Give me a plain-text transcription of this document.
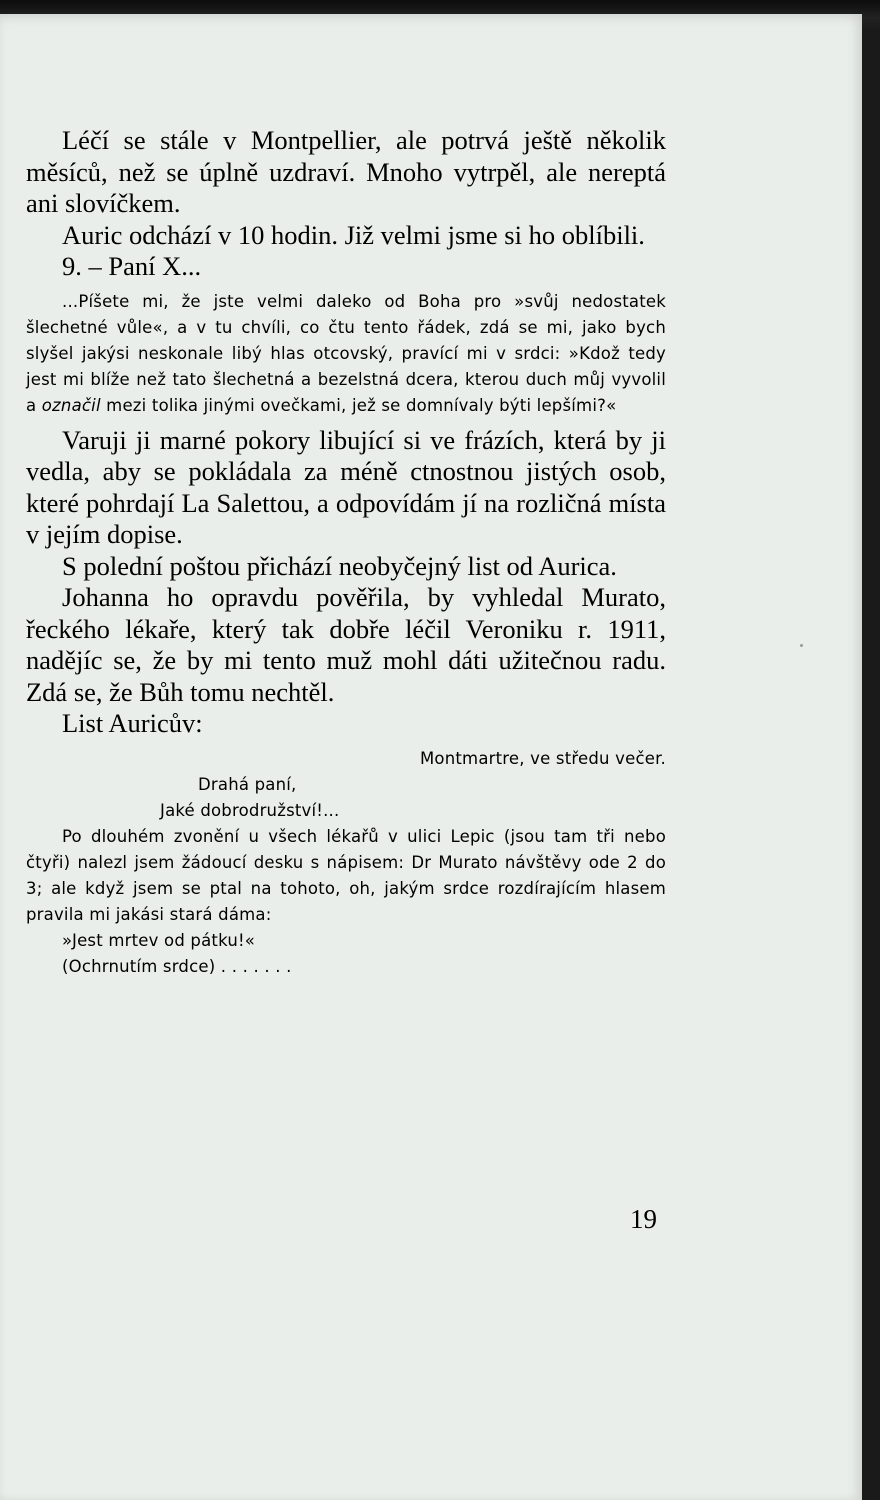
Léčí se stále v Montpellier, ale potrvá ještě několik měsíců, než se úplně uzdraví. Mnoho vytrpěl, ale nereptá ani slovíčkem.

Auric odchází v 10 hodin. Již velmi jsme si ho oblíbili.

9. – Paní X...

...Píšete mi, že jste velmi daleko od Boha pro »svůj nedostatek šlechetné vůle«, a v tu chvíli, co čtu tento řádek, zdá se mi, jako bych slyšel jakýsi neskonale libý hlas otcovský, pravící mi v srdci: »Kdož tedy jest mi blíže než tato šlechetná a bezelstná dcera, kterou duch můj vyvolil a označil mezi tolika jinými ovečkami, jež se domnívaly býti lepšími?«

Varuji ji marné pokory libující si ve frázích, která by ji vedla, aby se pokládala za méně ctnostnou jistých osob, které pohrdají La Salettou, a odpovídám jí na rozličná místa v jejím dopise.

S polední poštou přichází neobyčejný list od Aurica.

Johanna ho opravdu pověřila, by vyhledal Murato, řeckého lékaře, který tak dobře léčil Veroniku r. 1911, nadějíc se, že by mi tento muž mohl dáti užitečnou radu. Zdá se, že Bůh tomu nechtěl.

List Auricův:

Montmartre, ve středu večer.

Drahá paní,

Jaké dobrodružství!...

Po dlouhém zvonění u všech lékařů v ulici Lepic (jsou tam tři nebo čtyři) nalezl jsem žádoucí desku s nápisem: Dr Murato návštěvy ode 2 do 3; ale když jsem se ptal na tohoto, oh, jakým srdce rozdírajícím hlasem pravila mi jakási stará dáma:

»Jest mrtev od pátku!«

(Ochrnutím srdce) . . . . . . .

19
